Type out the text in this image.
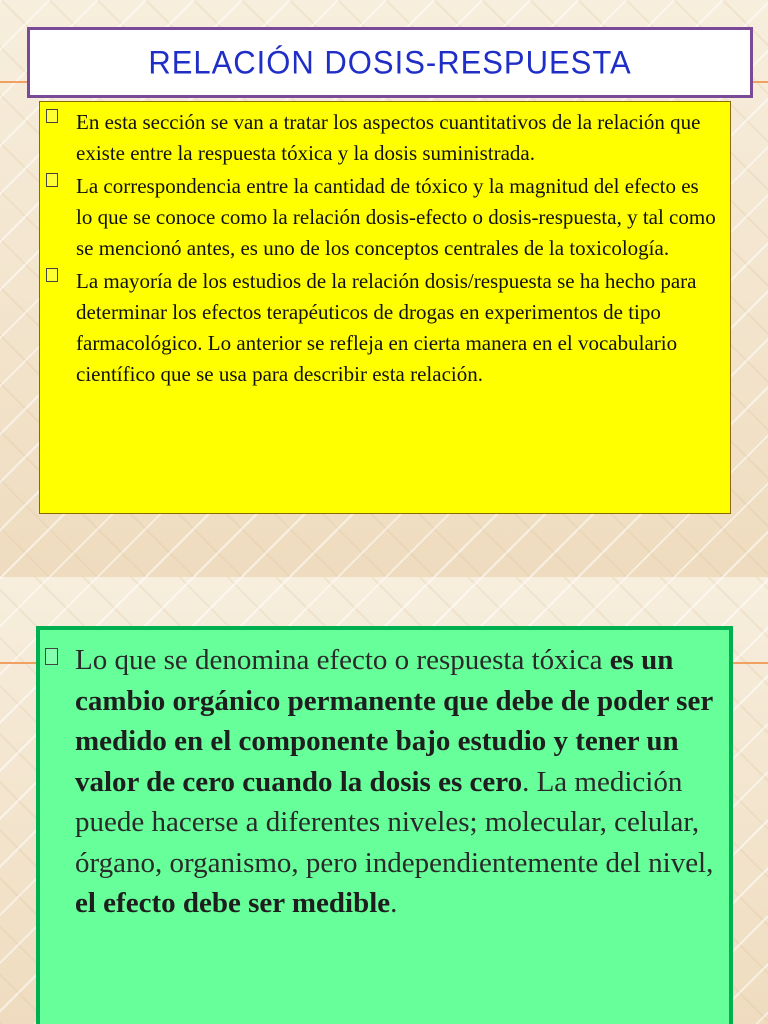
RELACIÓN DOSIS-RESPUESTA

En esta sección se van a tratar los aspectos cuantitativos de la relación que existe entre la respuesta tóxica y la dosis suministrada.

La correspondencia entre la cantidad de tóxico y la magnitud del efecto es lo que se conoce como la relación dosis-efecto o dosis-respuesta, y tal como se mencionó antes, es uno de los conceptos centrales de la toxicología.

La mayoría de los estudios de la relación dosis/respuesta se ha hecho para determinar los efectos terapéuticos de drogas en experimentos de tipo farmacológico. Lo anterior se refleja en cierta manera en el vocabulario científico que se usa para describir esta relación.

Lo que se denomina efecto o respuesta tóxica es un cambio orgánico permanente que debe de poder ser medido en el componente bajo estudio y tener un valor de cero cuando la dosis es cero. La medición puede hacerse a diferentes niveles; molecular, celular, órgano, organismo, pero independientemente del nivel, el efecto debe ser medible.
